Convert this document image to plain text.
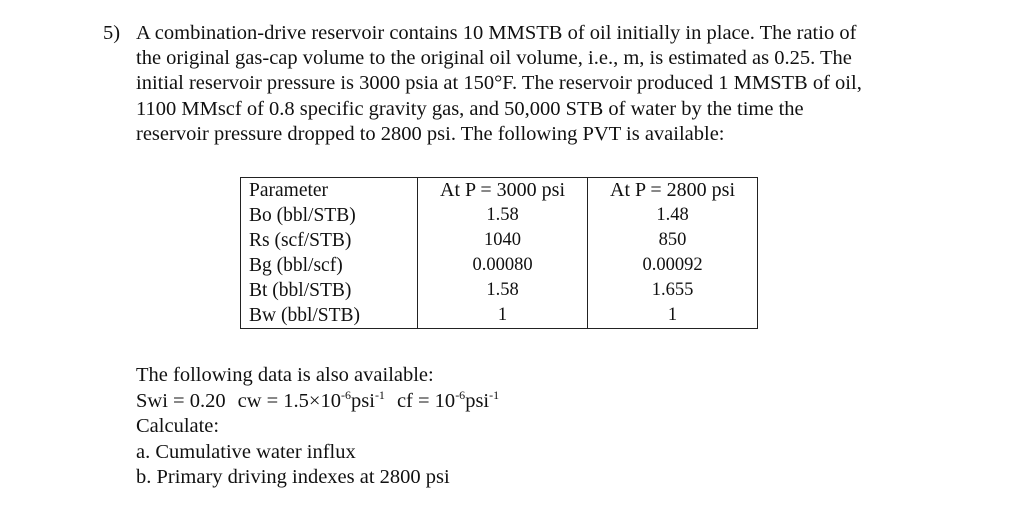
5) A combination-drive reservoir contains 10 MMSTB of oil initially in place. The ratio of
the original gas-cap volume to the original oil volume, i.e., m, is estimated as 0.25. The
initial reservoir pressure is 3000 psia at 150°F. The reservoir produced 1 MMSTB of oil,
1100 MMscf of 0.8 specific gravity gas, and 50,000 STB of water by the time the
reservoir pressure dropped to 2800 psi. The following PVT is available:
Parameter	At P = 3000 psi	At P = 2800 psi
Bo (bbl/STB)	1.58	1.48
Rs (scf/STB)	1040	850
Bg (bbl/scf)	0.00080	0.00092
Bt (bbl/STB)	1.58	1.655
Bw (bbl/STB)	1	1
The following data is also available:
Swi = 0.20 cw = $1.5\times 10^{-6}psi^{-1}$ cf = $10^{-6}psi^{-1}$
Calculate:
a. Cumulative water influx
b. Primary driving indexes at 2800 psi
